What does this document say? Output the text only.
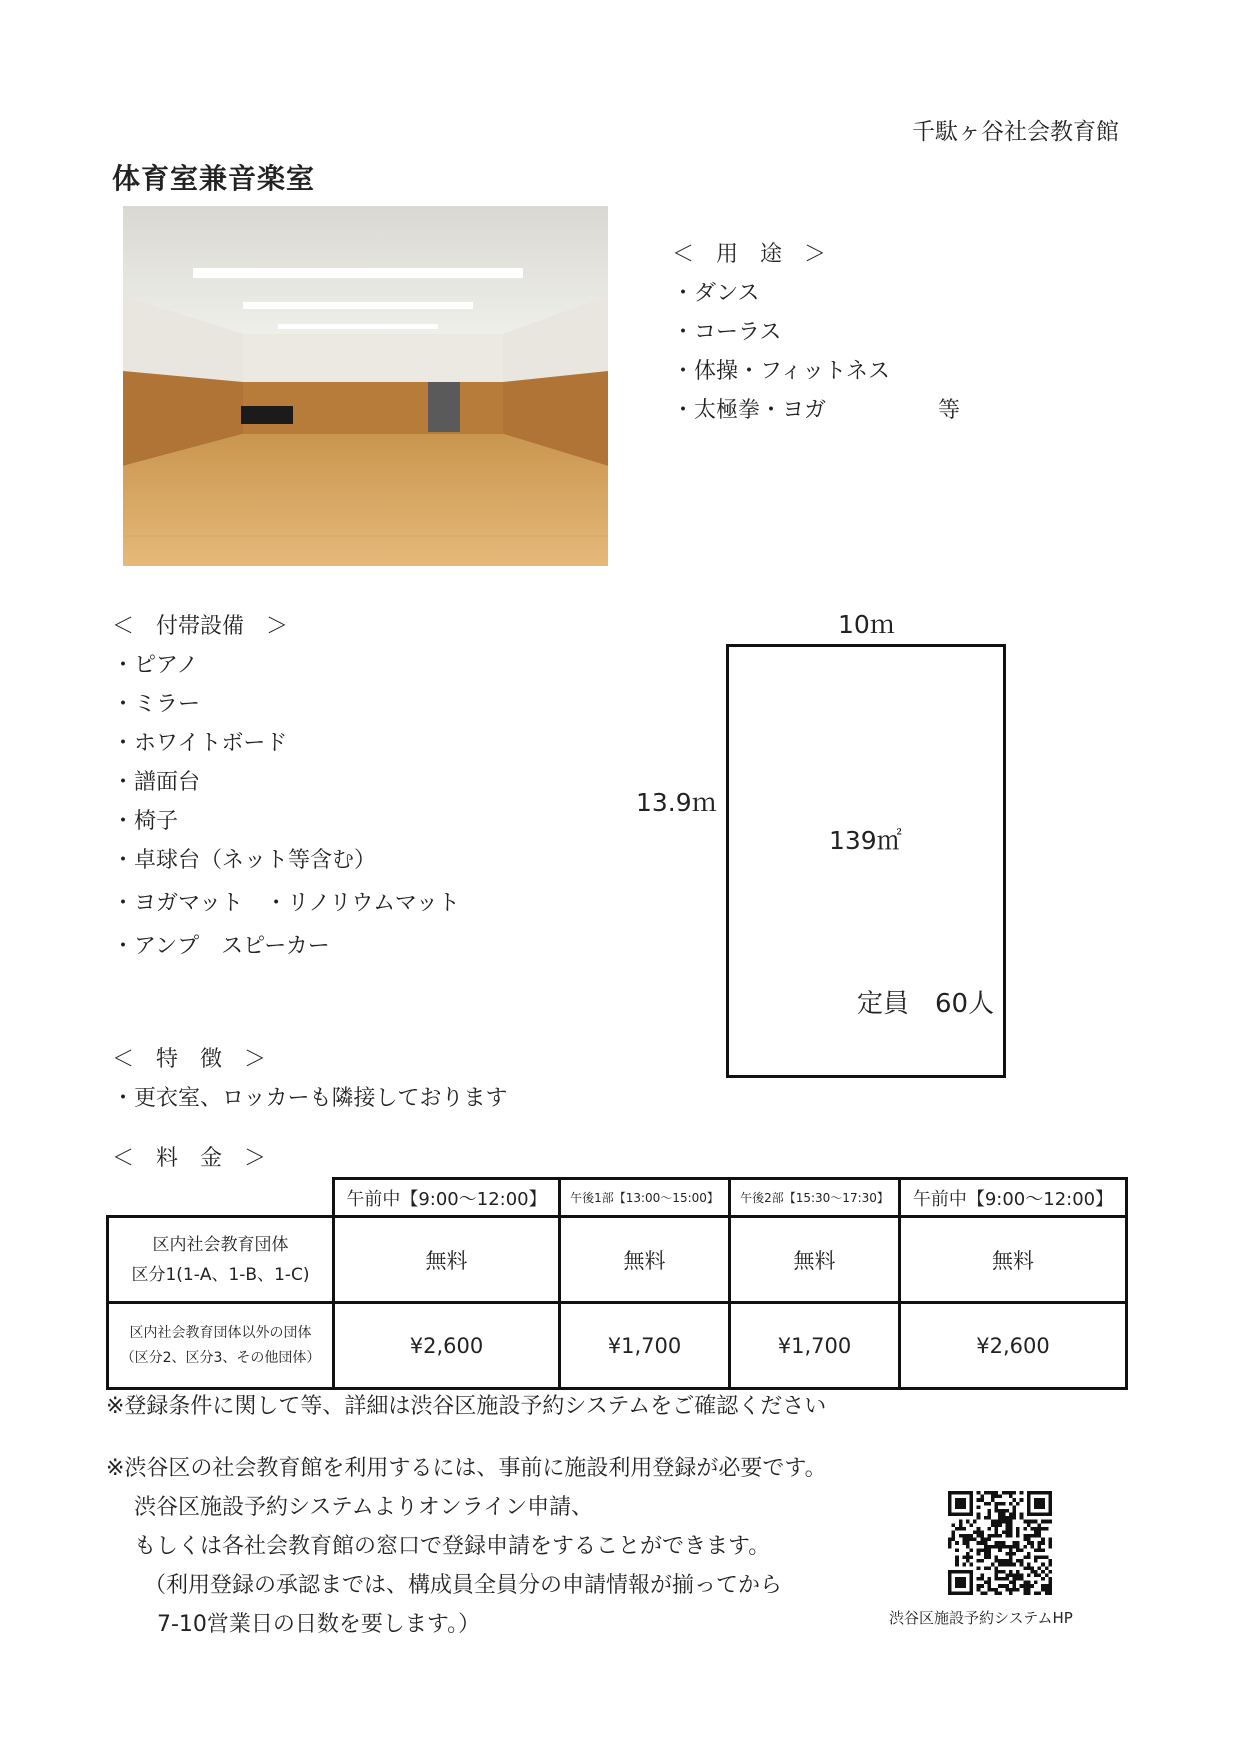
千駄ヶ谷社会教育館
体育室兼音楽室
＜　用　途　＞
・ダンス
・コーラス
・体操・フィットネス
・太極拳・ヨガ	等
＜　付帯設備　＞
・ピアノ
・ミラー
・ホワイトボード
・譜面台
・椅子
・卓球台（ネット等含む）
・ヨガマット　・リノリウムマット
・アンプ　スピーカー
10ｍ
13.9ｍ
139㎡
定員　60人
＜　特　徴　＞
・更衣室、ロッカーも隣接しております
＜　料　金　＞
	午前中【9:00～12:00】	午後1部【13:00～15:00】	午後2部【15:30～17:30】	午前中【9:00～12:00】

区内社会教育団体
区分1(1-A、1-B、1-C)	無料	無料	無料	無料

区内社会教育団体以外の団体
（区分2、区分3、その他団体）	¥2,600	¥1,700	¥1,700	¥2,600
※登録条件に関して等、詳細は渋谷区施設予約システムをご確認ください
※渋谷区の社会教育館を利用するには、事前に施設利用登録が必要です。
渋谷区施設予約システムよりオンライン申請、
もしくは各社会教育館の窓口で登録申請をすることができます。
（利用登録の承認までは、構成員全員分の申請情報が揃ってから
7-10営業日の日数を要します。）	渋谷区施設予約システムHP
